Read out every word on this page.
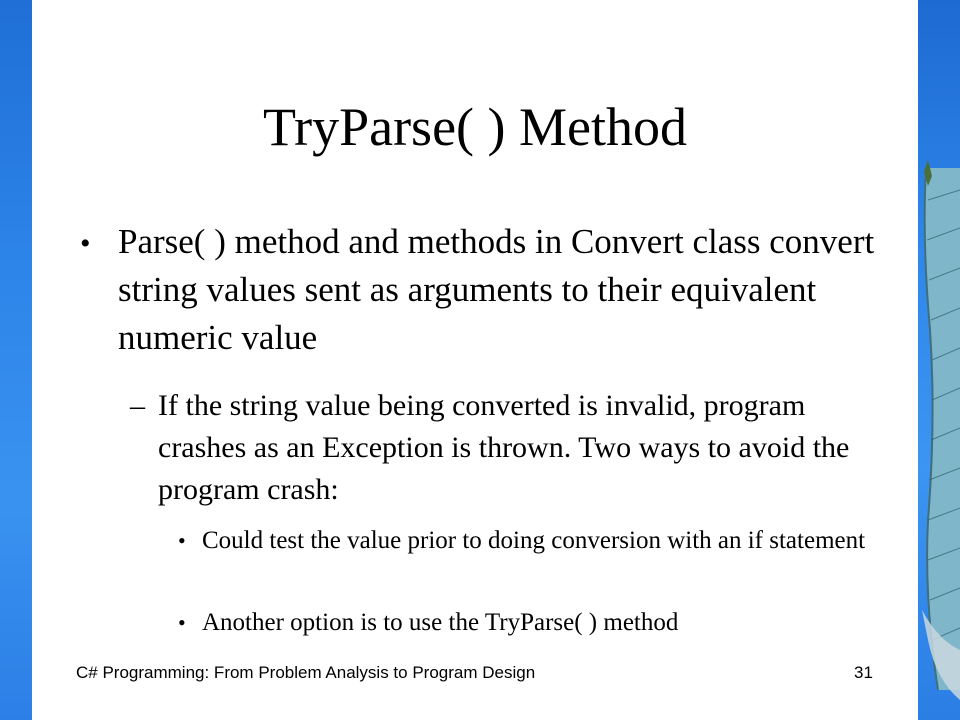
TryParse( ) Method
• Parse( ) method and methods in Convert class convert string values sent as arguments to their equivalent numeric value
– If the string value being converted is invalid, program crashes as an Exception is thrown. Two ways to avoid the program crash:
• Could test the value prior to doing conversion with an if statement
• Another option is to use the TryParse( ) method
C# Programming: From Problem Analysis to Program Design	31
